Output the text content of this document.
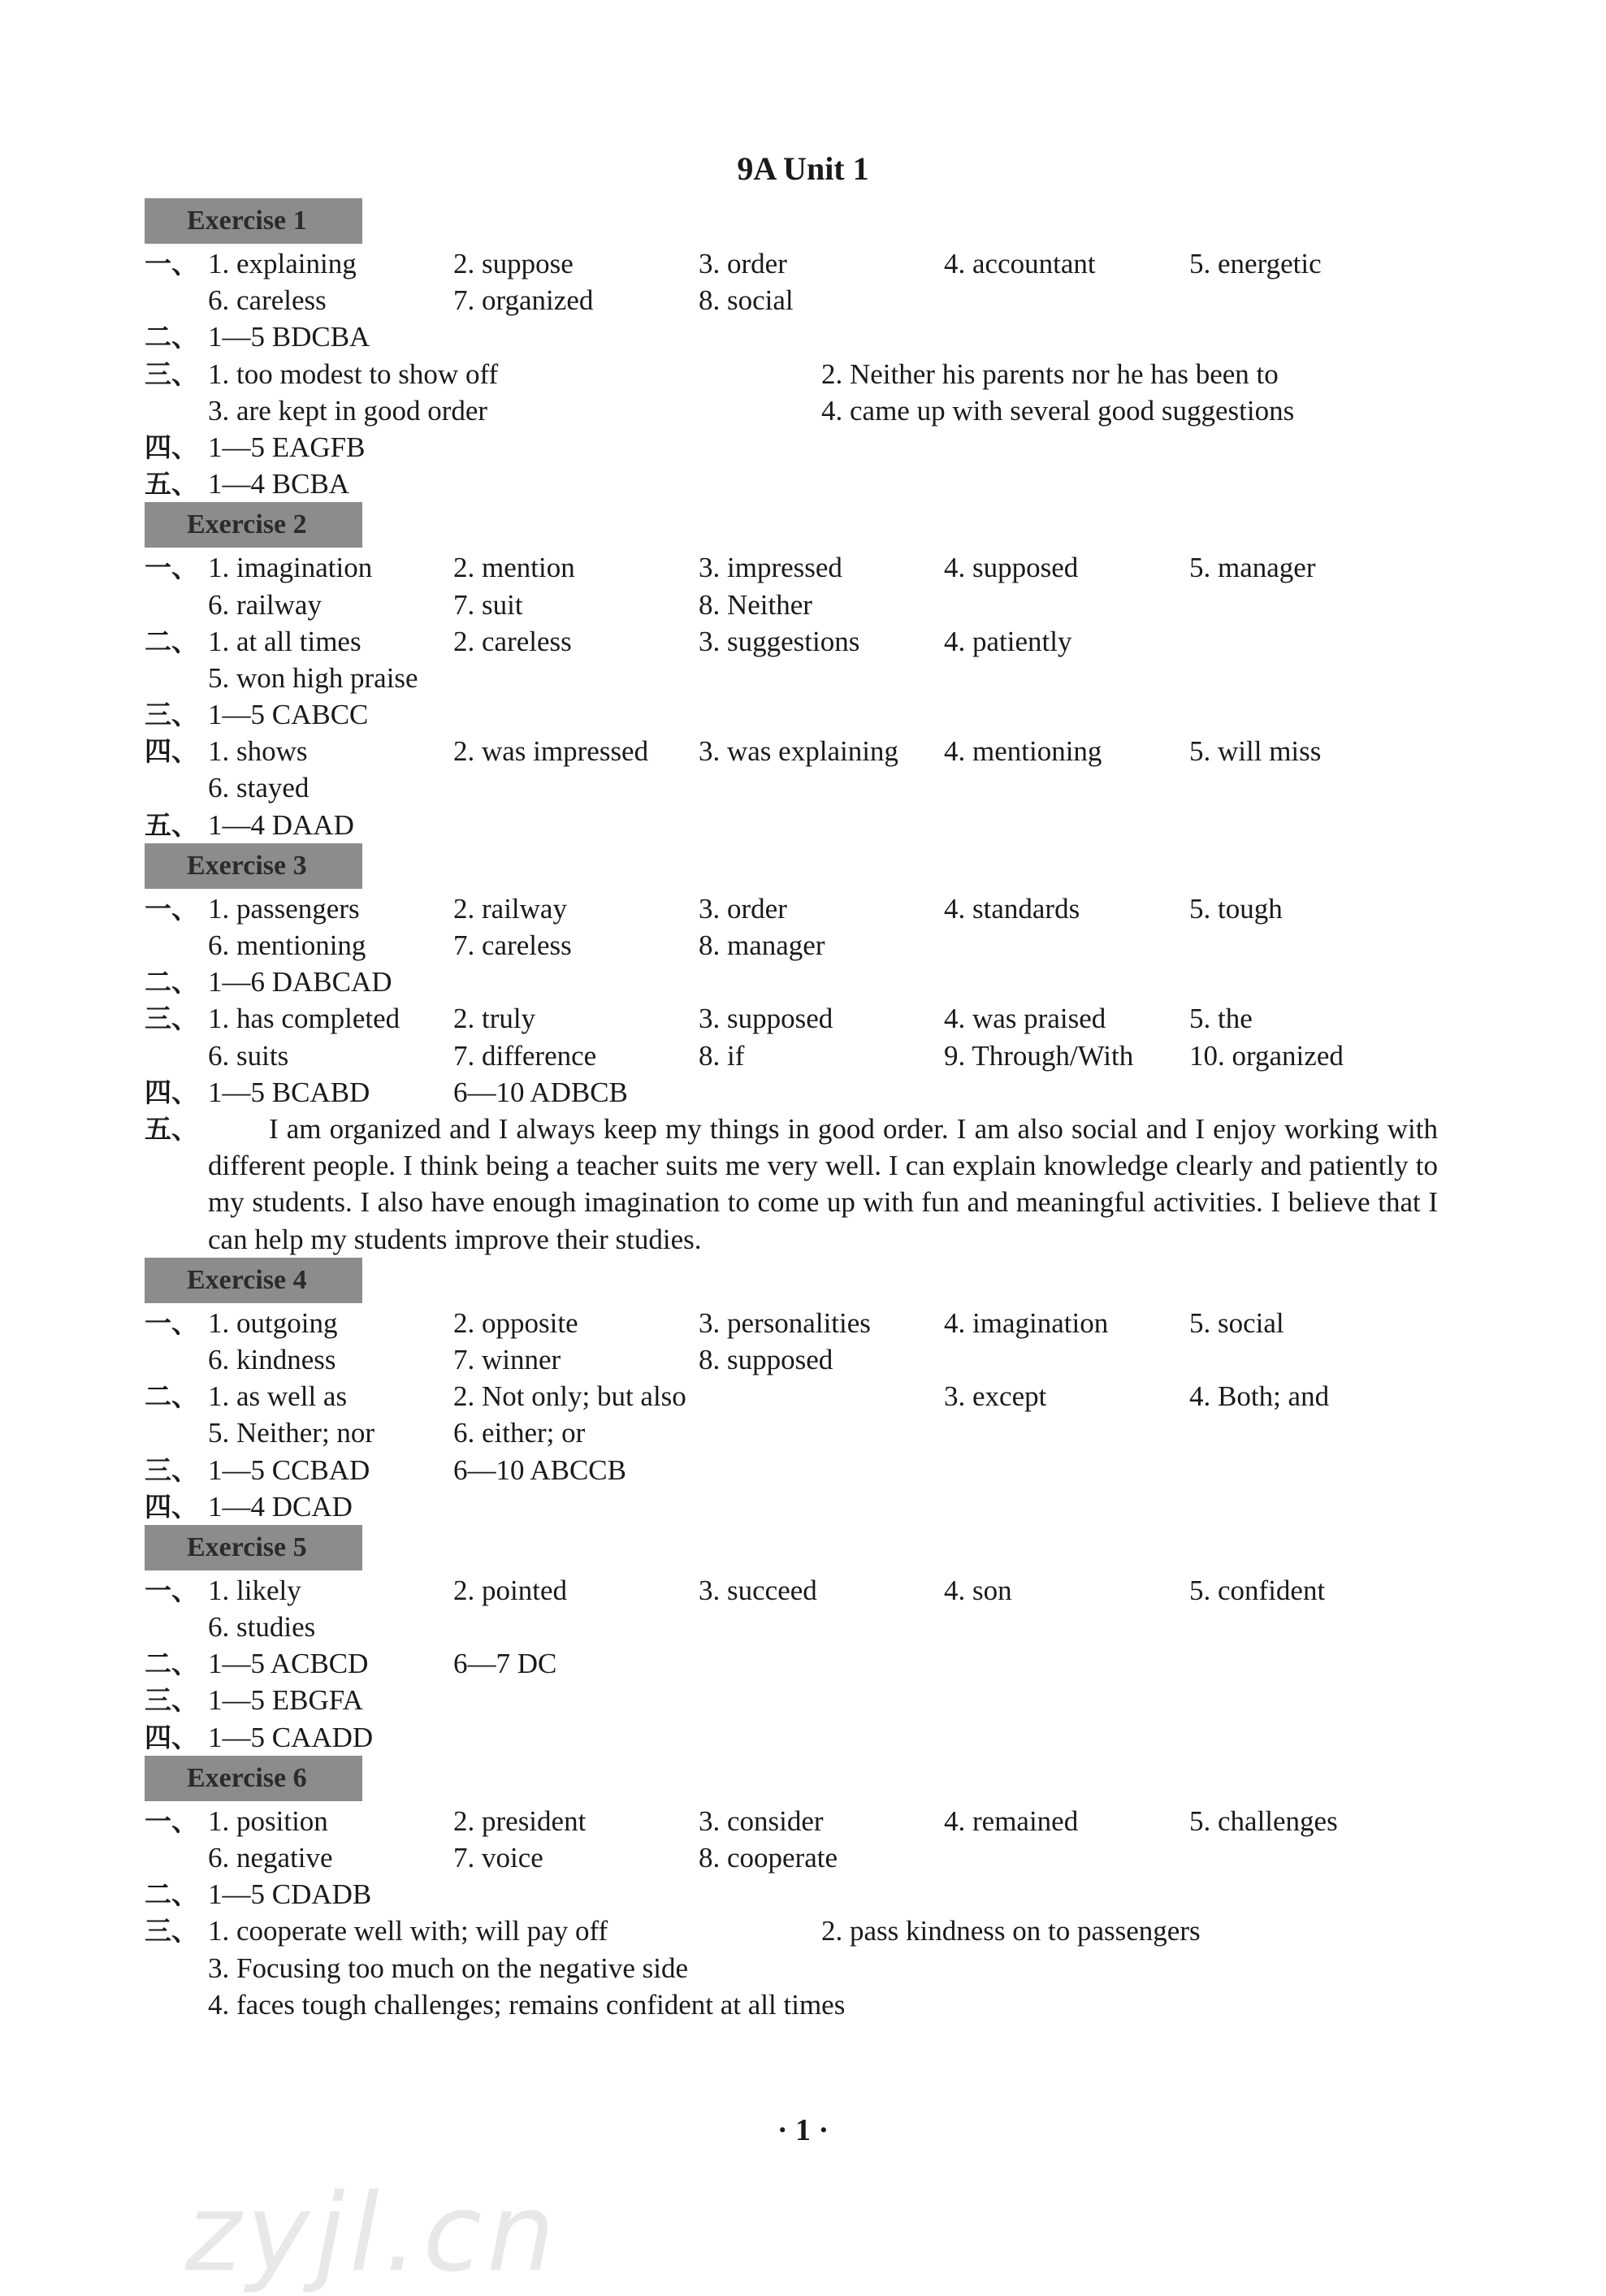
9A Unit 1
Exercise 1
一、 1. explaining	2. suppose	3. order	4. accountant	5. energetic
6. careless	7. organized	8. social
二、 1—5 BDCBA
三、 1. too modest to show off	2. Neither his parents nor he has been to
3. are kept in good order	4. came up with several good suggestions
四、 1—5 EAGFB
五、 1—4 BCBA
Exercise 2
一、 1. imagination	2. mention	3. impressed	4. supposed	5. manager
6. railway	7. suit	8. Neither
二、 1. at all times	2. careless	3. suggestions	4. patiently
5. won high praise
三、 1—5 CABCC
四、 1. shows	2. was impressed	3. was explaining	4. mentioning	5. will miss
6. stayed
五、 1—4 DAAD
Exercise 3
一、 1. passengers	2. railway	3. order	4. standards	5. tough
6. mentioning	7. careless	8. manager
二、 1—6 DABCAD
三、 1. has completed	2. truly	3. supposed	4. was praised	5. the
6. suits	7. difference	8. if	9. Through/With	10. organized
四、 1—5 BCABD	6—10 ADBCB
五、	I am organized and I always keep my things in good order. I am also social and I enjoy working with different people. I think being a teacher suits me very well. I can explain knowledge clearly and patiently to my students. I also have enough imagination to come up with fun and meaningful activities. I believe that I can help my students improve their studies.
Exercise 4
一、 1. outgoing	2. opposite	3. personalities	4. imagination	5. social
6. kindness	7. winner	8. supposed
二、 1. as well as	2. Not only; but also	3. except	4. Both; and
5. Neither; nor	6. either; or
三、 1—5 CCBAD	6—10 ABCCB
四、 1—4 DCAD
Exercise 5
一、 1. likely	2. pointed	3. succeed	4. son	5. confident
6. studies
二、 1—5 ACBCD	6—7 DC
三、 1—5 EBGFA
四、 1—5 CAADD
Exercise 6
一、 1. position	2. president	3. consider	4. remained	5. challenges
6. negative	7. voice	8. cooperate
二、 1—5 CDADB
三、 1. cooperate well with; will pay off	2. pass kindness on to passengers
3. Focusing too much on the negative side
4. faces tough challenges; remains confident at all times
zyjl.cn
· 1 ·
